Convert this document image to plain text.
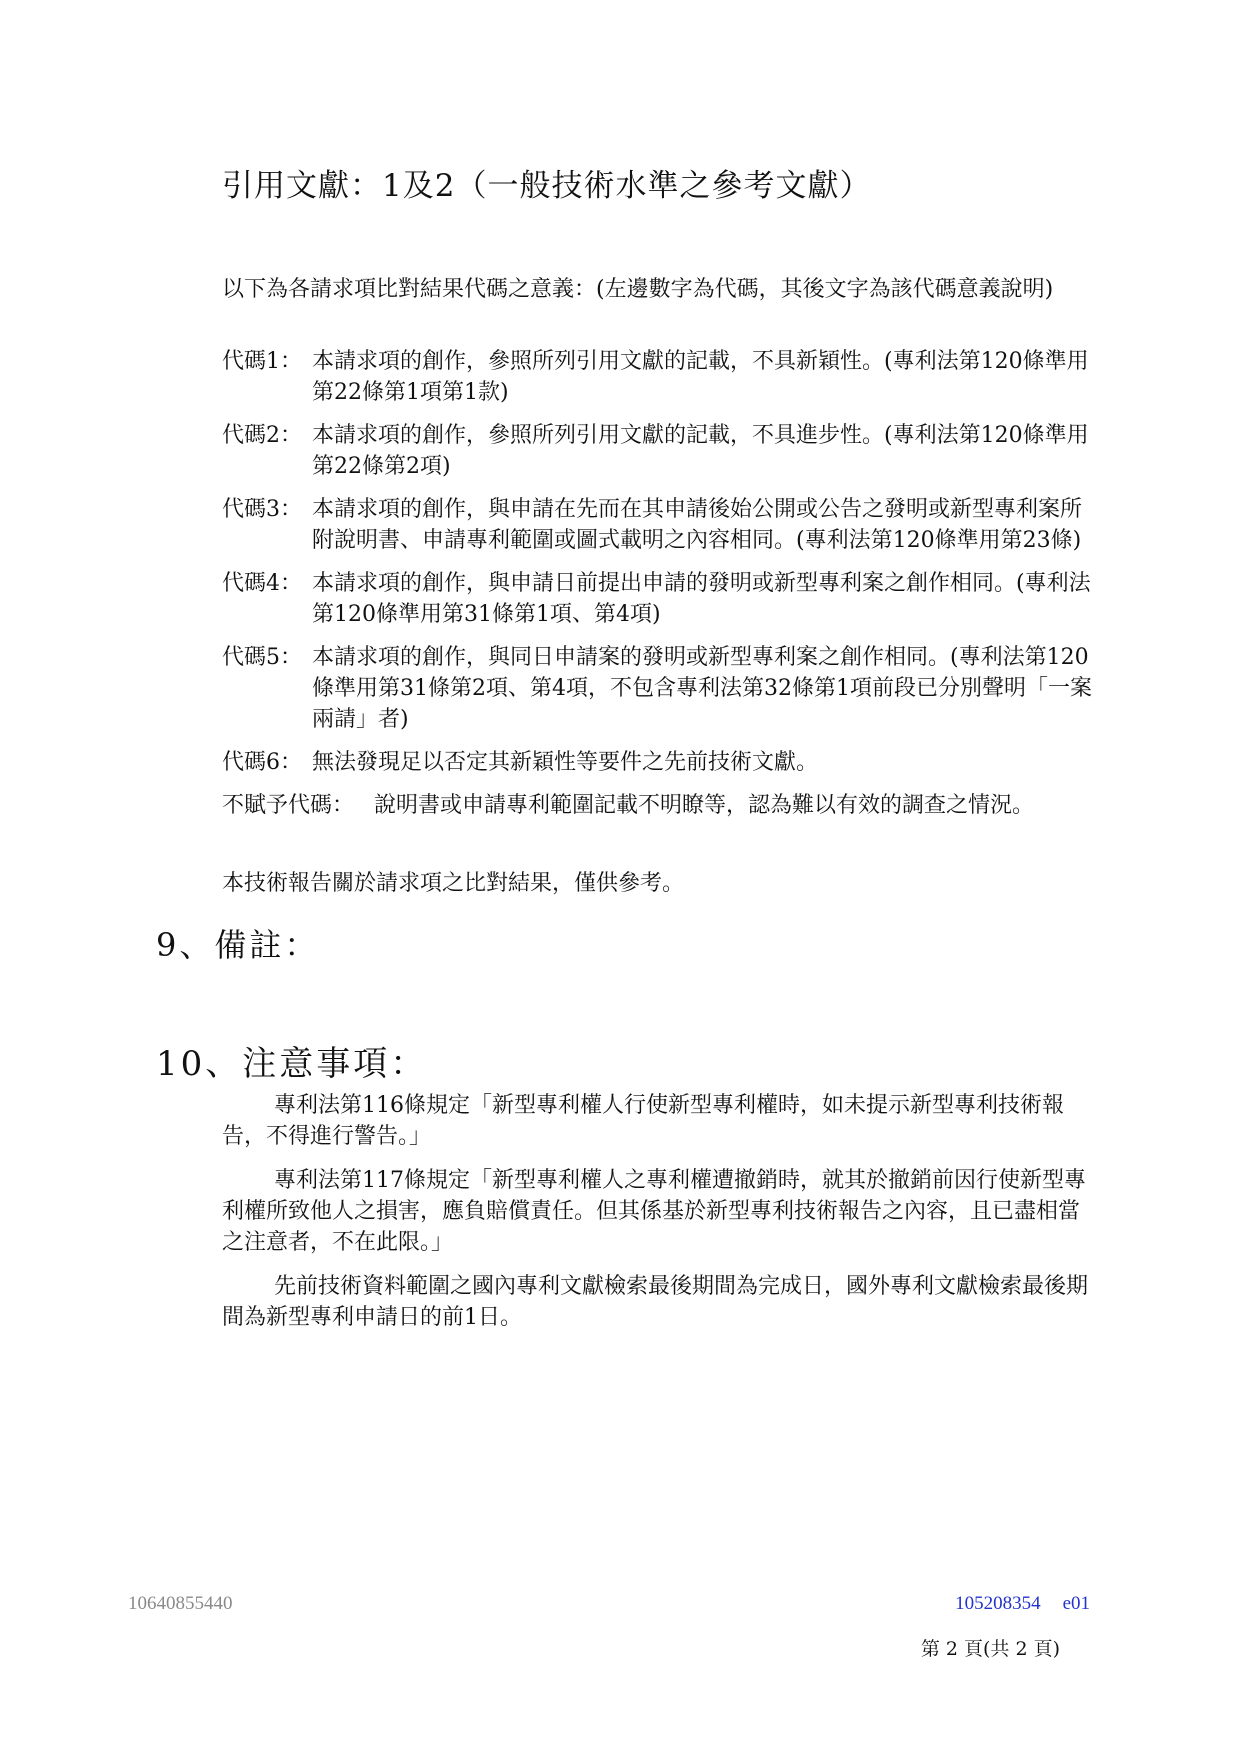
引用文獻：1及2（一般技術水準之參考文獻）
以下為各請求項比對結果代碼之意義：(左邊數字為代碼，其後文字為該代碼意義說明)
代碼1： 本請求項的創作，參照所列引用文獻的記載，不具新穎性。(專利法第120條準用第22條第1項第1款)
代碼2： 本請求項的創作，參照所列引用文獻的記載，不具進步性。(專利法第120條準用第22條第2項)
代碼3： 本請求項的創作，與申請在先而在其申請後始公開或公告之發明或新型專利案所附說明書、申請專利範圍或圖式載明之內容相同。(專利法第120條準用第23條)
代碼4： 本請求項的創作，與申請日前提出申請的發明或新型專利案之創作相同。(專利法第120條準用第31條第1項、第4項)
代碼5： 本請求項的創作，與同日申請案的發明或新型專利案之創作相同。(專利法第120條準用第31條第2項、第4項，不包含專利法第32條第1項前段已分別聲明「一案兩請」者)
代碼6： 無法發現足以否定其新穎性等要件之先前技術文獻。
不賦予代碼： 說明書或申請專利範圍記載不明瞭等，認為難以有效的調查之情況。
本技術報告關於請求項之比對結果，僅供參考。
9、備註：
10、注意事項：

專利法第116條規定「新型專利權人行使新型專利權時，如未提示新型專利技術報告，不得進行警告。」

專利法第117條規定「新型專利權人之專利權遭撤銷時，就其於撤銷前因行使新型專利權所致他人之損害，應負賠償責任。但其係基於新型專利技術報告之內容，且已盡相當之注意者，不在此限。」

先前技術資料範圍之國內專利文獻檢索最後期間為完成日，國外專利文獻檢索最後期間為新型專利申請日的前1日。

10640855440	105208354 e01
第 2 頁(共 2 頁)
